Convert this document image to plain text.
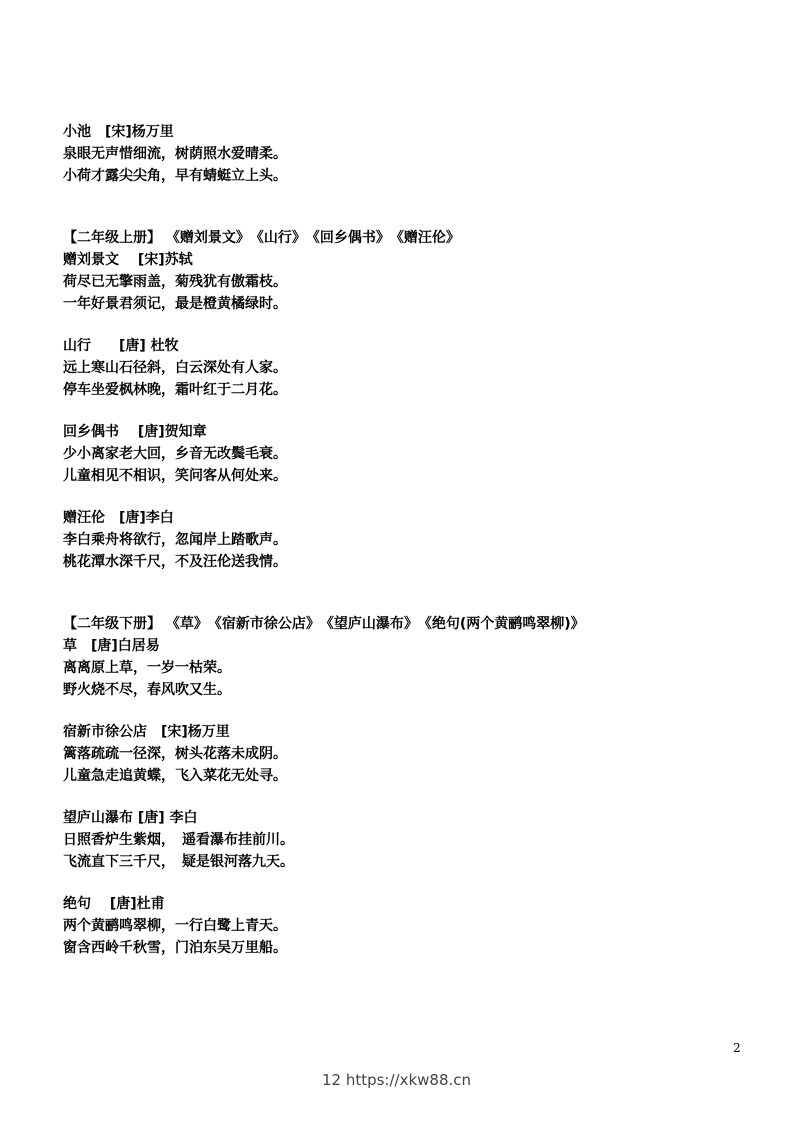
小池　[宋]杨万里
泉眼无声惜细流，树荫照水爱晴柔。
小荷才露尖尖角，早有蜻蜓立上头。
【二年级上册】 《赠刘景文》　《山行》　《回乡偶书》　《赠汪伦》
赠刘景文　 [宋]苏轼
荷尽已无擎雨盖，菊残犹有傲霜枝。
一年好景君须记，最是橙黄橘绿时。
山行　　[唐] 杜牧
远上寒山石径斜，白云深处有人家。
停车坐爱枫林晚，霜叶红于二月花。
回乡偶书　 [唐]贺知章
少小离家老大回，乡音无改鬓毛衰。
儿童相见不相识，笑问客从何处来。
赠汪伦　[唐]李白
李白乘舟将欲行，忽闻岸上踏歌声。
桃花潭水深千尺，不及汪伦送我情。
【二年级下册】 《草》　《宿新市徐公店》　《望庐山瀑布》　《绝句(两个黄鹂鸣翠柳)》
草　[唐]白居易
离离原上草，一岁一枯荣。
野火烧不尽，春风吹又生。
宿新市徐公店　[宋]杨万里
篱落疏疏一径深，树头花落未成阴。
儿童急走追黄蝶，飞入菜花无处寻。
望庐山瀑布 [唐] 李白
日照香炉生紫烟，　遥看瀑布挂前川。
飞流直下三千尺，　疑是银河落九天。
绝句　 [唐]杜甫
两个黄鹂鸣翠柳，一行白鹭上青天。
窗含西岭千秋雪，门泊东吴万里船。
2
12 https://xkw88.cn
